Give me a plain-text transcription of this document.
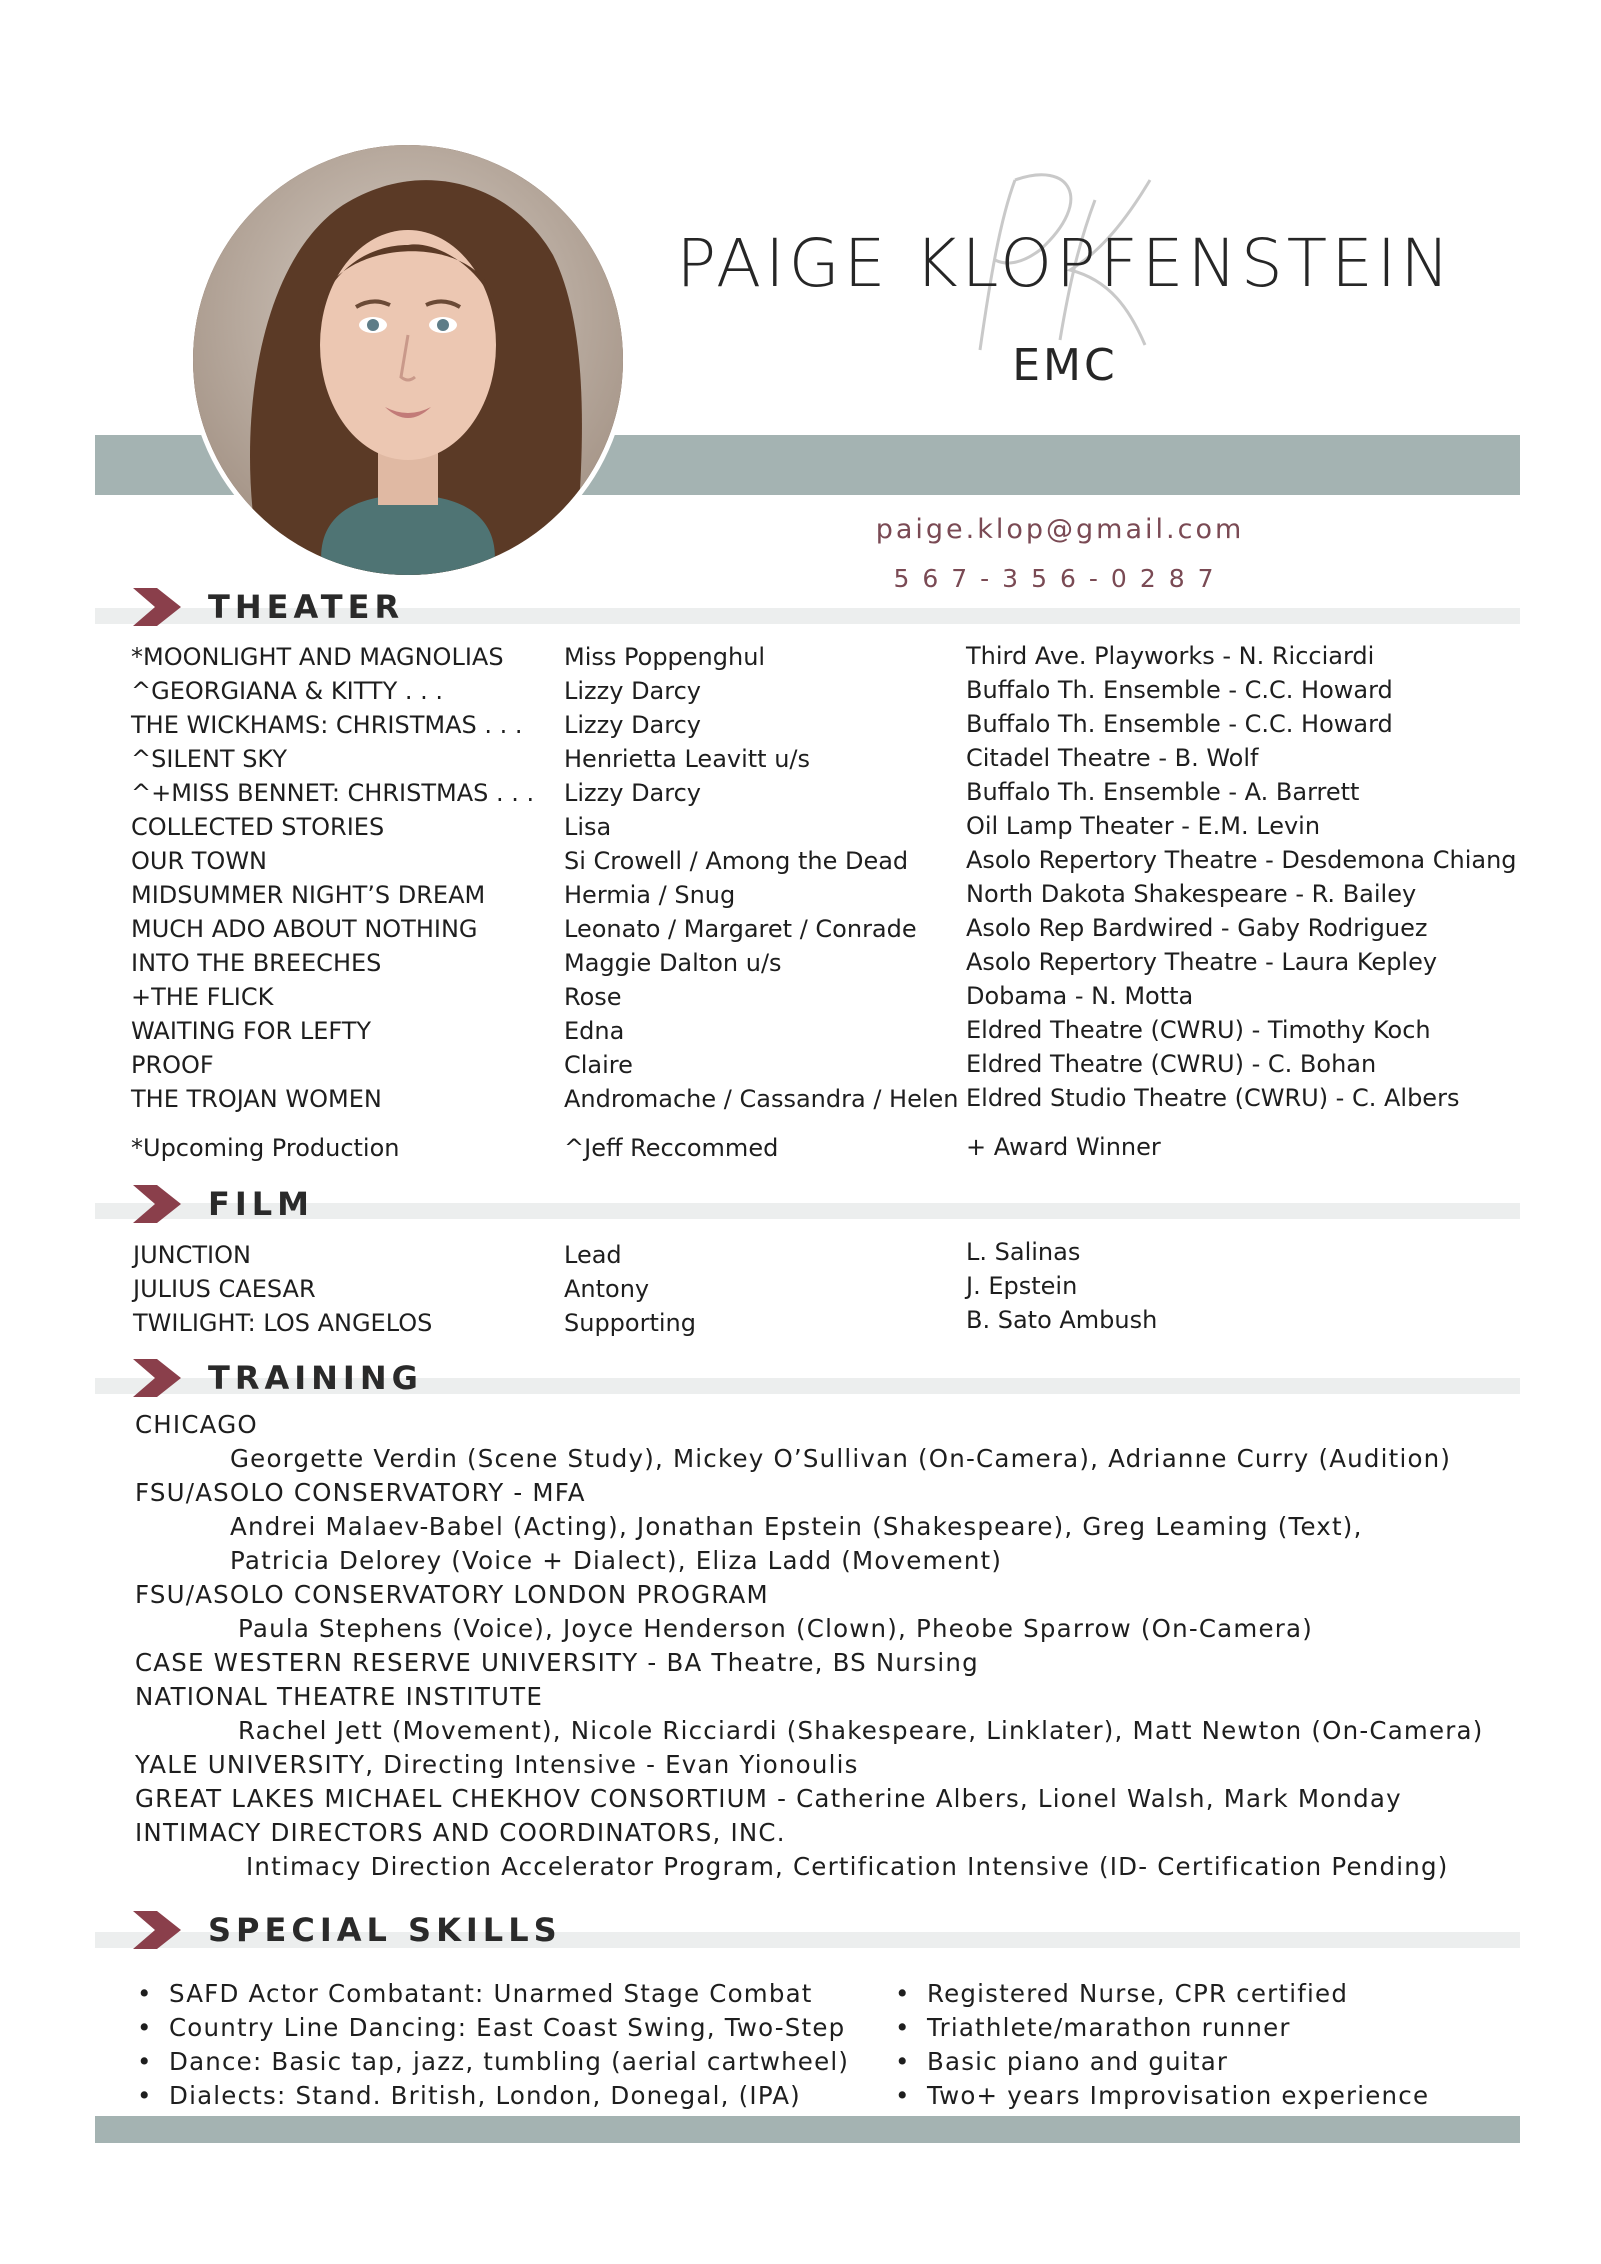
PAIGE KLOPFENSTEIN
EMC
paige.klop@gmail.com
567-356-0287
THEATER
*MOONLIGHT AND MAGNOLIAS
^GEORGIANA & KITTY . . .
THE WICKHAMS: CHRISTMAS . . .
^SILENT SKY
^+MISS BENNET: CHRISTMAS . . .
COLLECTED STORIES
OUR TOWN
MIDSUMMER NIGHT’S DREAM
MUCH ADO ABOUT NOTHING
INTO THE BREECHES
+THE FLICK
WAITING FOR LEFTY
PROOF
THE TROJAN WOMEN
Miss Poppenghul
Lizzy Darcy
Lizzy Darcy
Henrietta Leavitt u/s
Lizzy Darcy
Lisa
Si Crowell / Among the Dead
Hermia / Snug
Leonato / Margaret / Conrade
Maggie Dalton u/s
Rose
Edna
Claire
Andromache / Cassandra / Helen
Third Ave. Playworks - N. Ricciardi
Buffalo Th. Ensemble - C.C. Howard
Buffalo Th. Ensemble - C.C. Howard
Citadel Theatre - B. Wolf
Buffalo Th. Ensemble - A. Barrett
Oil Lamp Theater - E.M. Levin
Asolo Repertory Theatre - Desdemona Chiang
North Dakota Shakespeare - R. Bailey
Asolo Rep Bardwired - Gaby Rodriguez
Asolo Repertory Theatre - Laura Kepley
Dobama - N. Motta
Eldred Theatre (CWRU) - Timothy Koch
Eldred Theatre (CWRU) - C. Bohan
Eldred Studio Theatre (CWRU) - C. Albers
*Upcoming Production	^Jeff Reccommed	+ Award Winner
FILM
JUNCTION
JULIUS CAESAR
TWILIGHT: LOS ANGELOS
Lead
Antony
Supporting
L. Salinas
J. Epstein
B. Sato Ambush
TRAINING
CHICAGO
Georgette Verdin (Scene Study), Mickey O’Sullivan (On-Camera), Adrianne Curry (Audition)
FSU/ASOLO CONSERVATORY - MFA
Andrei Malaev-Babel (Acting), Jonathan Epstein (Shakespeare), Greg Leaming (Text),
Patricia Delorey (Voice + Dialect), Eliza Ladd (Movement)
FSU/ASOLO CONSERVATORY LONDON PROGRAM
Paula Stephens (Voice), Joyce Henderson (Clown), Pheobe Sparrow (On-Camera)
CASE WESTERN RESERVE UNIVERSITY - BA Theatre, BS Nursing
NATIONAL THEATRE INSTITUTE
Rachel Jett (Movement), Nicole Ricciardi (Shakespeare, Linklater), Matt Newton (On-Camera)
YALE UNIVERSITY, Directing Intensive - Evan Yionoulis
GREAT LAKES MICHAEL CHEKHOV CONSORTIUM - Catherine Albers, Lionel Walsh, Mark Monday
INTIMACY DIRECTORS AND COORDINATORS, INC.
Intimacy Direction Accelerator Program, Certification Intensive (ID- Certification Pending)
SPECIAL SKILLS
• SAFD Actor Combatant: Unarmed Stage Combat
• Country Line Dancing: East Coast Swing, Two-Step
• Dance: Basic tap, jazz, tumbling (aerial cartwheel)
• Dialects: Stand. British, London, Donegal, (IPA)
• Registered Nurse, CPR certified
• Triathlete/marathon runner
• Basic piano and guitar
• Two+ years Improvisation experience
